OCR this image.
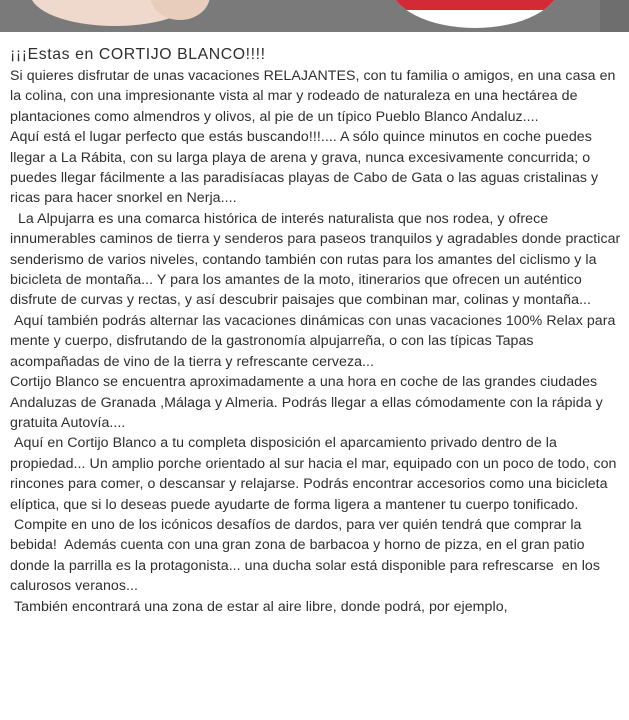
¡¡¡Estas en CORTIJO BLANCO!!!!

Si quieres disfrutar de unas vacaciones RELAJANTES, con tu familia o amigos, en una casa en la colina, con una impresionante vista al mar y rodeado de naturaleza en una hectárea de plantaciones como almendros y olivos, al pie de un típico Pueblo Blanco Andaluz....

Aquí está el lugar perfecto que estás buscando!!!.... A sólo quince minutos en coche puedes llegar a La Rábita, con su larga playa de arena y grava, nunca excesivamente concurrida; o puedes llegar fácilmente a las paradisíacas playas de Cabo de Gata o las aguas cristalinas y ricas para hacer snorkel en Nerja....

La Alpujarra es una comarca histórica de interés naturalista que nos rodea, y ofrece innumerables caminos de tierra y senderos para paseos tranquilos y agradables donde practicar senderismo de varios niveles, contando también con rutas para los amantes del ciclismo y la bicicleta de montaña... Y para los amantes de la moto, itinerarios que ofrecen un auténtico disfrute de curvas y rectas, y así descubrir paisajes que combinan mar, colinas y montaña...

Aquí también podrás alternar las vacaciones dinámicas con unas vacaciones 100% Relax para mente y cuerpo, disfrutando de la gastronomía alpujarreña, o con las típicas Tapas acompañadas de vino de la tierra y refrescante cerveza...

Cortijo Blanco se encuentra aproximadamente a una hora en coche de las grandes ciudades Andaluzas de Granada ,Málaga y Almeria. Podrás llegar a ellas cómodamente con la rápida y gratuita Autovía....

Aquí en Cortijo Blanco a tu completa disposición el aparcamiento privado dentro de la propiedad... Un amplio porche orientado al sur hacia el mar, equipado con un poco de todo, con rincones para comer, o descansar y relajarse. Podrás encontrar accesorios como una bicicleta elíptica, que si lo deseas puede ayudarte de forma ligera a mantener tu cuerpo tonificado.

Compite en uno de los icónicos desafíos de dardos, para ver quién tendrá que comprar la bebida!  Además cuenta con una gran zona de barbacoa y horno de pizza, en el gran patio donde la parrilla es la protagonista... una ducha solar está disponible para refrescarse  en los calurosos veranos...

También encontrará una zona de estar al aire libre, donde podrá, por ejemplo,
